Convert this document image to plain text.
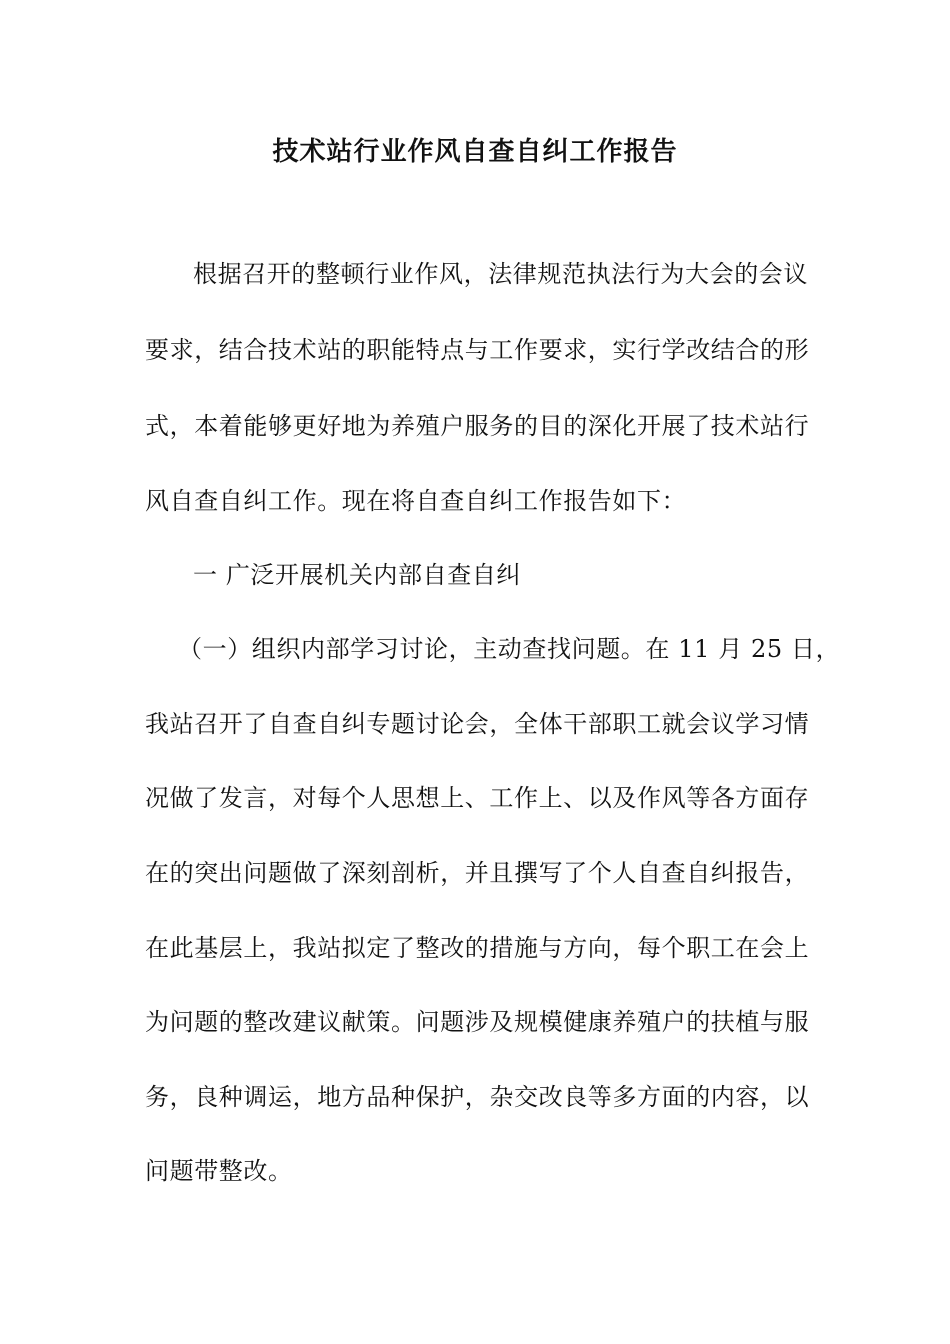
技术站行业作风自查自纠工作报告
根据召开的整顿行业作风，法律规范执法行为大会的会议
要求，结合技术站的职能特点与工作要求，实行学改结合的形
式，本着能够更好地为养殖户服务的目的深化开展了技术站行
风自查自纠工作。现在将自查自纠工作报告如下：
一 广泛开展机关内部自查自纠
（一）组织内部学习讨论，主动查找问题。在 11 月 25 日，
我站召开了自查自纠专题讨论会，全体干部职工就会议学习情
况做了发言，对每个人思想上、工作上、以及作风等各方面存
在的突出问题做了深刻剖析，并且撰写了个人自查自纠报告，
在此基层上，我站拟定了整改的措施与方向，每个职工在会上
为问题的整改建议献策。问题涉及规模健康养殖户的扶植与服
务，良种调运，地方品种保护，杂交改良等多方面的内容，以
问题带整改。
